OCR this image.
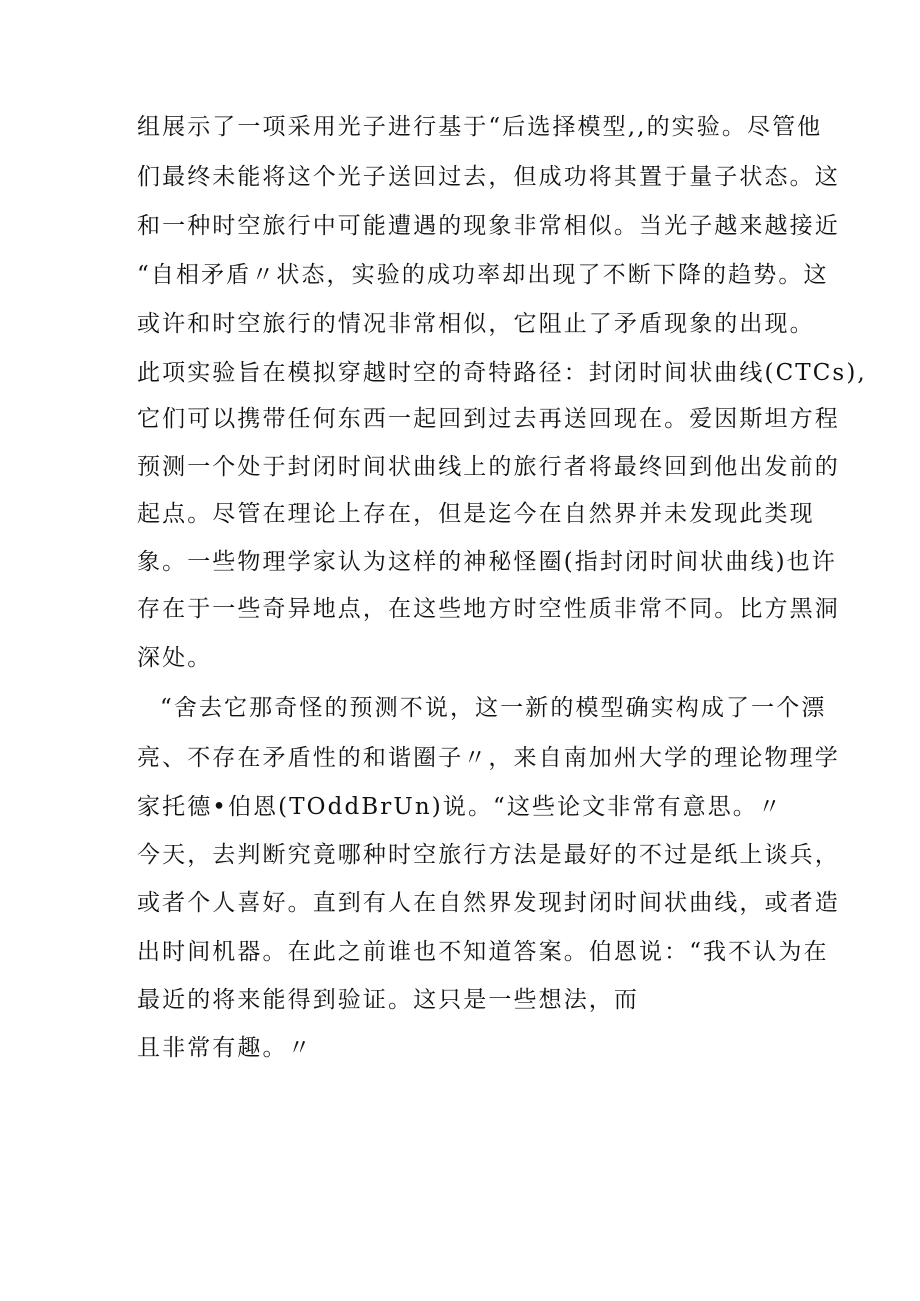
组展示了一项采用光子进行基于“后选择模型,,的实验。尽管他
们最终未能将这个光子送回过去，但成功将其置于量子状态。这
和一种时空旅行中可能遭遇的现象非常相似。当光子越来越接近
“自相矛盾〃状态，实验的成功率却出现了不断下降的趋势。这
或许和时空旅行的情况非常相似，它阻止了矛盾现象的出现。
此项实验旨在模拟穿越时空的奇特路径：封闭时间状曲线(CTCs),
它们可以携带任何东西一起回到过去再送回现在。爱因斯坦方程
预测一个处于封闭时间状曲线上的旅行者将最终回到他出发前的
起点。尽管在理论上存在，但是迄今在自然界并未发现此类现
象。一些物理学家认为这样的神秘怪圈(指封闭时间状曲线)也许
存在于一些奇异地点，在这些地方时空性质非常不同。比方黑洞
深处。
“舍去它那奇怪的预测不说，这一新的模型确实构成了一个漂
亮、不存在矛盾性的和谐圈子〃，来自南加州大学的理论物理学
家托德•伯恩(TOddBrUn)说。“这些论文非常有意思。〃
今天，去判断究竟哪种时空旅行方法是最好的不过是纸上谈兵，
或者个人喜好。直到有人在自然界发现封闭时间状曲线，或者造
出时间机器。在此之前谁也不知道答案。伯恩说：“我不认为在
最近的将来能得到验证。这只是一些想法，而
且非常有趣。〃
